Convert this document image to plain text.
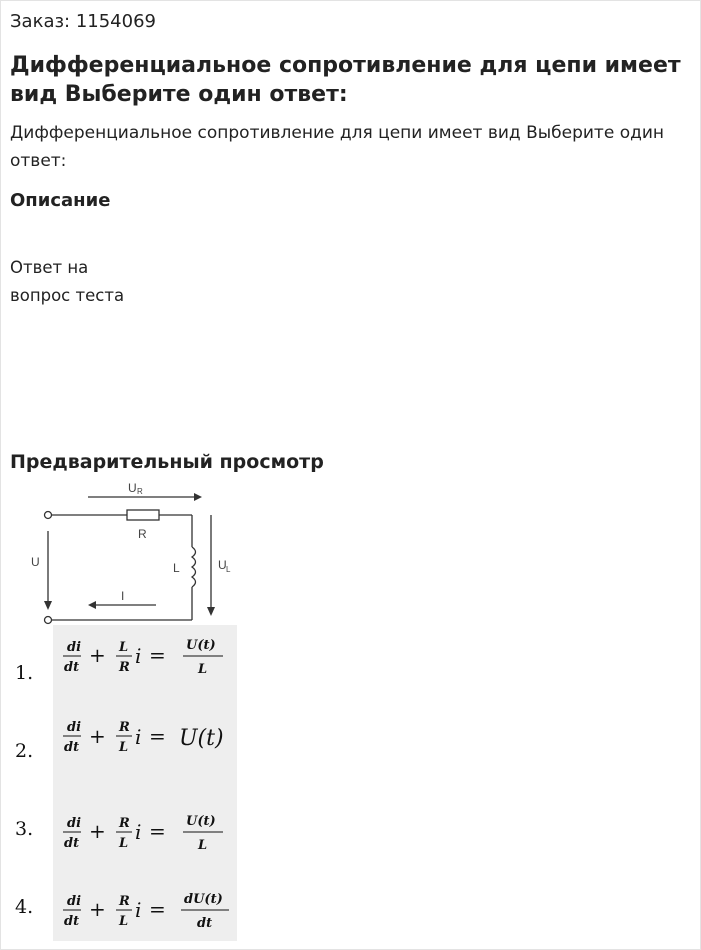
Заказ: 1154069
Дифференциальное сопротивление для цепи имеет вид Выберите один ответ:
Дифференциальное сопротивление для цепи имеет вид Выберите один ответ:
Описание
Ответ на
вопрос теста
Предварительный просмотр
U R
R
L	U L
U
I
1.
2.
3.
4.
di
dt
+ L
R i = U(t)
L
di
dt + R
L i = U(t)
di
dt
+ R
L i = U(t)
L
di
dt
+ R
L i = dU(t)
dt
